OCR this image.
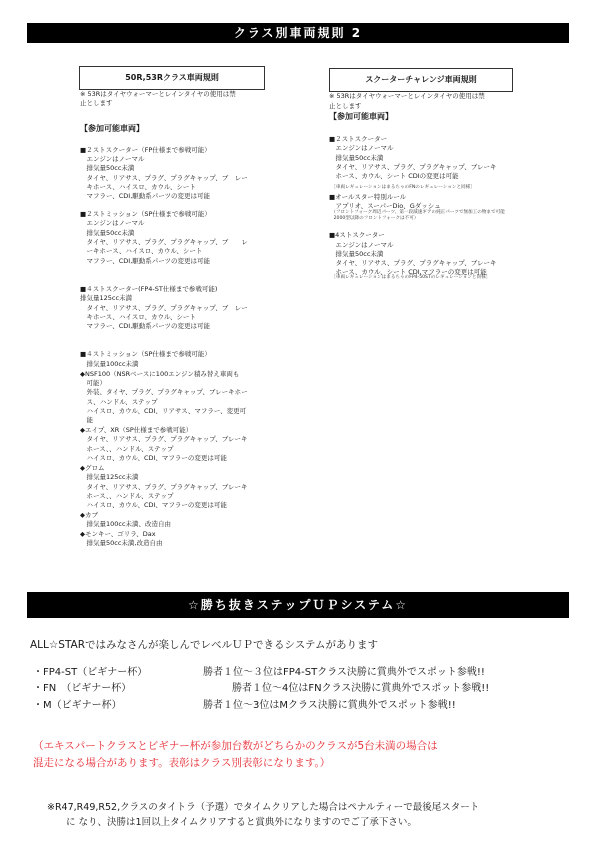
クラス別車両規則 2
50R,53Rクラス車両規則	スクーターチャレンジ車両規則
※ 53Rはタイヤウォーマーとレインタイヤの使用は禁
止とします
【参加可能車両】
■２ストスクーター（FP仕様まで参戦可能）
　エンジンはノーマル
　排気量50cc未満
　タイヤ、リアサス、プラグ、プラグキャップ、ブ　レー
　キホース、ハイスロ、カウル、シート
　マフラー、CDI,駆動系パーツの変更は可能
■２ストミッション（SP仕様まで参戦可能）
　エンジンはノーマル
　排気量50cc未満
　タイヤ、リアサス、プラグ、プラグキャップ、ブ　　レ
　ーキホース、ハイスロ、カウル、シート
　マフラー、CDI,駆動系パーツの変更は可能
■４ストスクーター(FP4-ST仕様まで参戦可能)
排気量125cc未満
　タイヤ、リアサス、プラグ、プラグキャップ、ブ　レー
　キホース、ハイスロ、カウル、シート
　マフラー、CDI,駆動系パーツの変更は可能
■４ストミッション（SP仕様まで参戦可能）
　排気量100cc未満
◆NSF100（NSRベースに100エンジン積み替え車両も
　可能）
　外装、タイヤ、プラグ、プラグキャップ、ブレーキホー
　ス、ハンドル、ステップ
　ハイスロ、カウル、CDI、リアサス、マフラー、変更可
　能
◆エイプ、XR（SP仕様まで参戦可能）
　タイヤ、リアサス、プラグ、プラグキャップ、ブレーキ
　ホース、、ハンドル、ステップ
　ハイスロ、カウル、CDI、マフラーの変更は可能
◆グロム
　排気量125cc未満
　タイヤ、リアサス、プラグ、プラグキャップ、ブレーキ
　ホース、、ハンドル、ステップ
　ハイスロ、カウル、CDI、マフラーの変更は可能
◆カブ
　排気量100cc未満、改造自由
◆モンキー、ゴリラ、Dax
　排気量50cc未満,改造自由
※ 53Rはタイヤウォーマーとレインタイヤの使用は禁
止とします
【参加可能車両】
■２ストスクーター
　エンジンはノーマル
　排気量50cc未満
　タイヤ、リアサス、プラグ、プラグキャップ、ブレーキ
　ホース、カウル、シート CDIの変更は可能
　［車両レギュレーションはまるちゃのFNのレギュレーションと同様］
■オールスター特別ルール
　アプリオ、スーパーDio、Gダッシュ
　（フロントフォーク周辺パーツ、第一段減速ギアの純正パーツで無加工の物まで可能
　2000型以降のフロントフォークは不可）
■4ストスクーター
　エンジンはノーマル
　排気量50cc未満
　タイヤ、リアサス、プラグ、プラグキャップ、ブレーキ
　ホース、カウル、シート CDI,マフラーの変更は可能
　［車両レギュレーションはまるちゃのFP4-50STのレギュレーションと同様］
☆勝ち抜きステップＵＰシステム☆
ALL☆STARではみなさんが楽しんでレベルＵＰできるシステムがあります
・FP4-ST（ビギナー杯）	勝者１位～３位はFP4-STクラス決勝に賞典外でスポット参戦!!
・FN　（ビギナー杯）	勝者１位～4位はFNクラス決勝に賞典外でスポット参戦!!
・M（ビギナー杯）	勝者１位～3位はMクラス決勝に賞典外でスポット参戦!!
（エキスパートクラスとビギナー杯が参加台数がどちらかのクラスが5台未満の場合は
混走になる場合があります。表彰はクラス別表彰になります。）
※R47,R49,R52,クラスのタイトラ（予選）でタイムクリアした場合はペナルティーで最後尾スタート
　　に なり、決勝は1回以上タイムクリアすると賞典外になりますのでご了承下さい。
